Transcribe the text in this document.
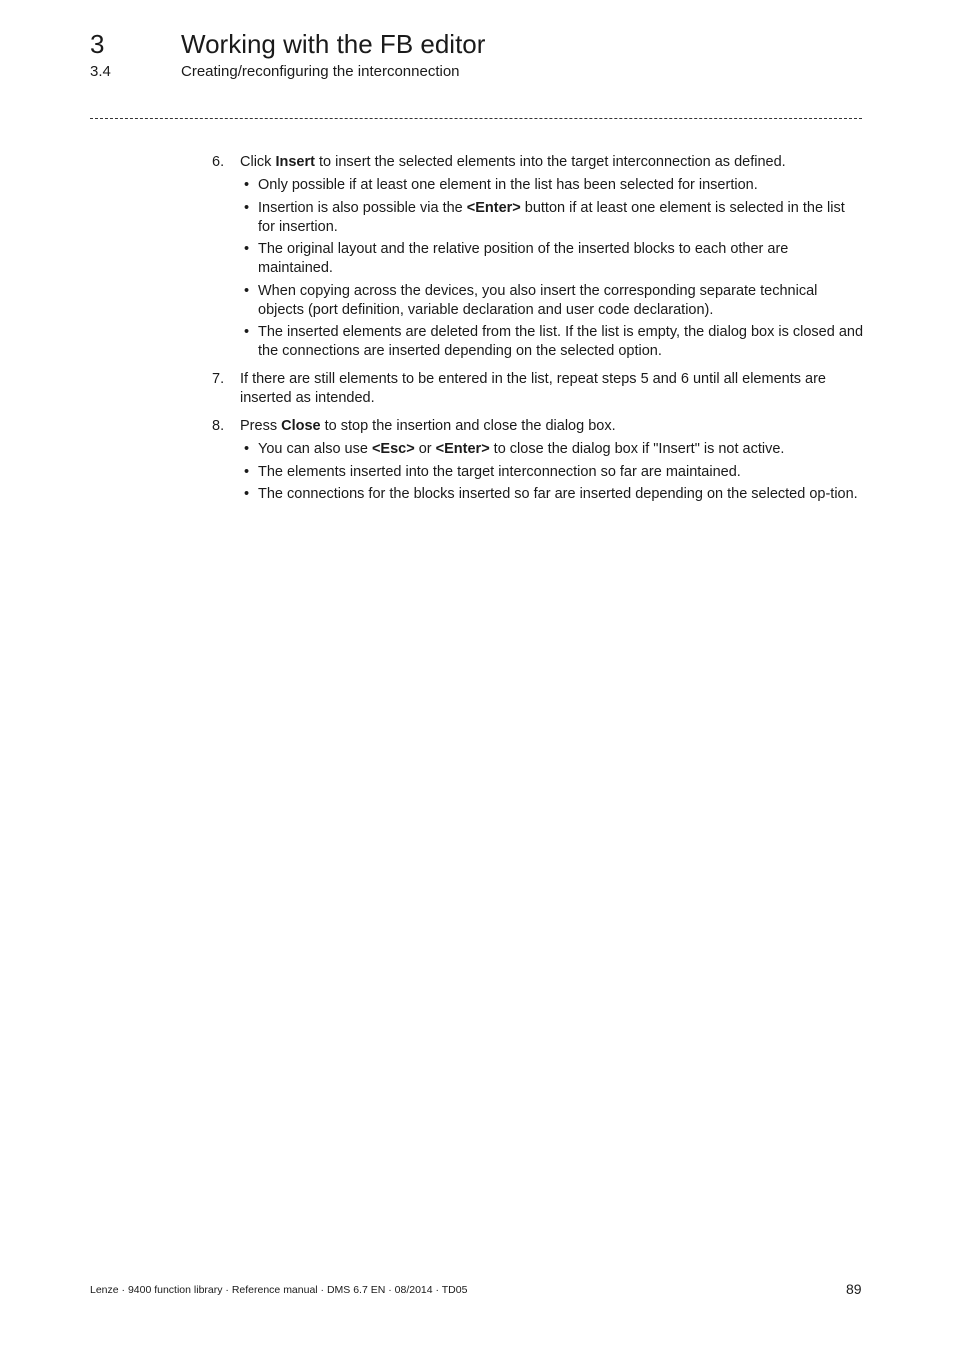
3	Working with the FB editor
3.4	Creating/reconfiguring the interconnection
6. Click Insert to insert the selected elements into the target interconnection as defined.
• Only possible if at least one element in the list has been selected for insertion.
• Insertion is also possible via the <Enter> button if at least one element is selected in the list for insertion.
• The original layout and the relative position of the inserted blocks to each other are maintained.
• When copying across the devices, you also insert the corresponding separate technical objects (port definition, variable declaration and user code declaration).
• The inserted elements are deleted from the list. If the list is empty, the dialog box is closed and the connections are inserted depending on the selected option.
7. If there are still elements to be entered in the list, repeat steps 5 and 6 until all elements are inserted as intended.
8. Press Close to stop the insertion and close the dialog box.
• You can also use <Esc> or <Enter> to close the dialog box if "Insert" is not active.
• The elements inserted into the target interconnection so far are maintained.
• The connections for the blocks inserted so far are inserted depending on the selected op-tion.
Lenze · 9400 function library · Reference manual · DMS 6.7 EN · 08/2014 · TD05	89
